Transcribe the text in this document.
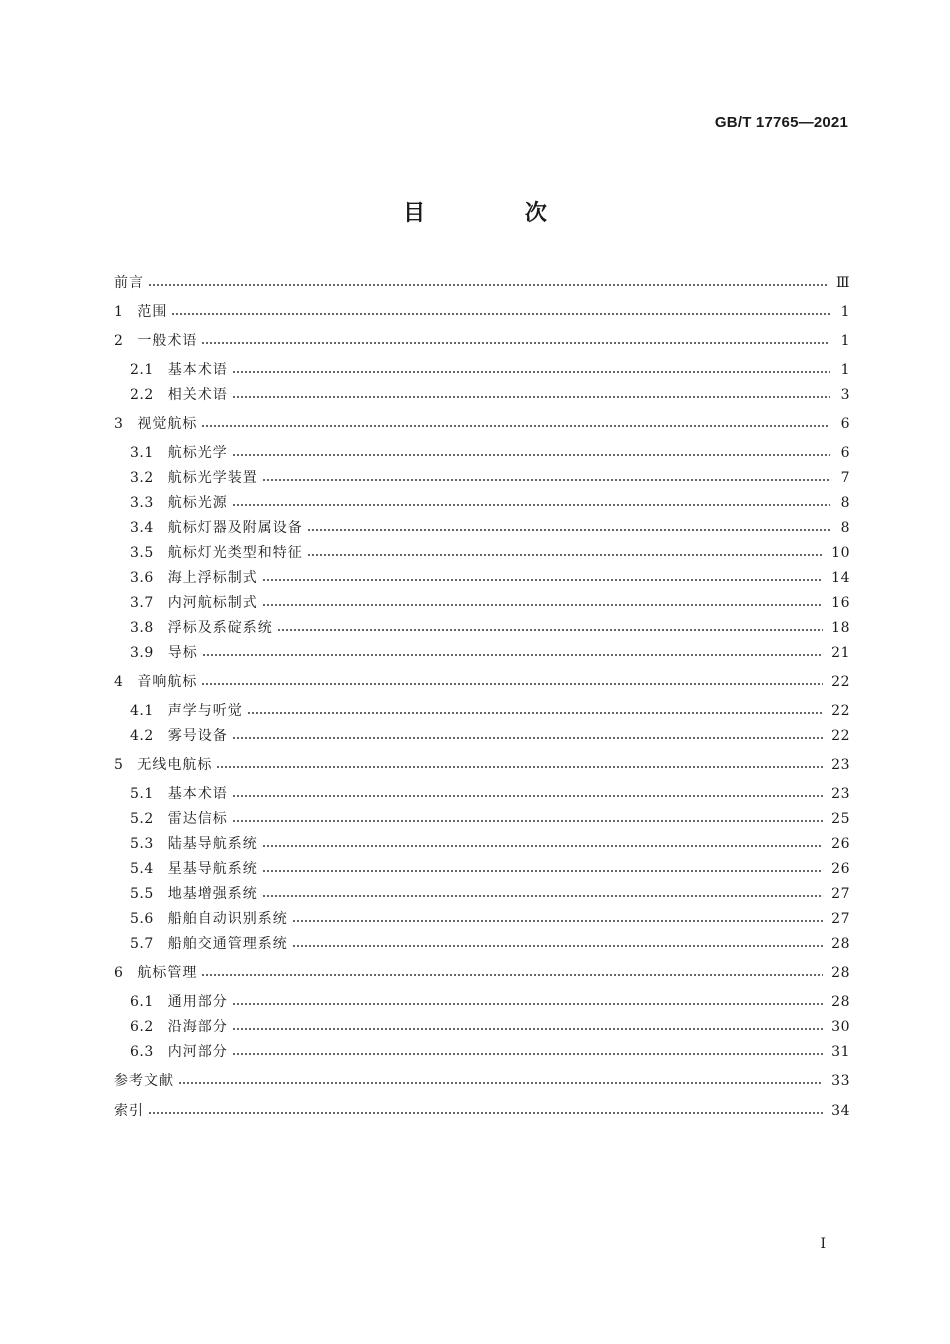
GB/T 17765—2021
目 次
前言	Ⅲ
1 范围	1
2 一般术语	1
2.1 基本术语	1
2.2 相关术语	3
3 视觉航标	6
3.1 航标光学	6
3.2 航标光学装置	7
3.3 航标光源	8
3.4 航标灯器及附属设备	8
3.5 航标灯光类型和特征	10
3.6 海上浮标制式	14
3.7 内河航标制式	16
3.8 浮标及系碇系统	18
3.9 导标	21
4 音响航标	22
4.1 声学与听觉	22
4.2 雾号设备	22
5 无线电航标	23
5.1 基本术语	23
5.2 雷达信标	25
5.3 陆基导航系统	26
5.4 星基导航系统	26
5.5 地基增强系统	27
5.6 船舶自动识别系统	27
5.7 船舶交通管理系统	28
6 航标管理	28
6.1 通用部分	28
6.2 沿海部分	30
6.3 内河部分	31
参考文献	33
索引	34
Ⅰ
